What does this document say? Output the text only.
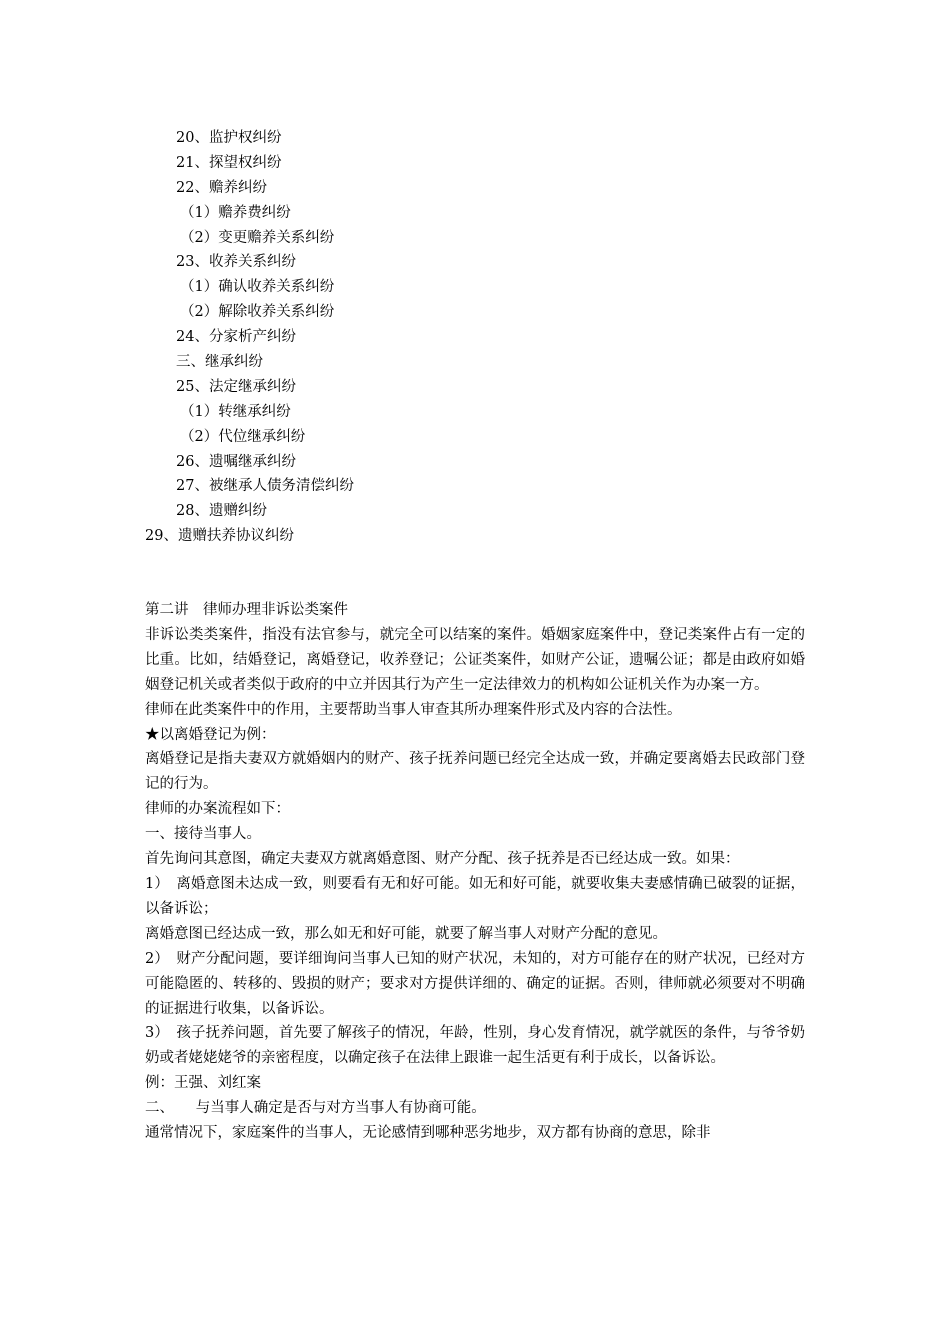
20、监护权纠纷
21、探望权纠纷
22、赡养纠纷
（1）赡养费纠纷
（2）变更赡养关系纠纷
23、收养关系纠纷
（1）确认收养关系纠纷
（2）解除收养关系纠纷
24、分家析产纠纷
三、继承纠纷
25、法定继承纠纷
（1）转继承纠纷
（2）代位继承纠纷
26、遗嘱继承纠纷
27、被继承人债务清偿纠纷
28、遗赠纠纷
29、遗赠扶养协议纠纷

第二讲　律师办理非诉讼类案件

非诉讼类类案件，指没有法官参与，就完全可以结案的案件。婚姻家庭案件中，登记类案件占有一定的比重。比如，结婚登记，离婚登记，收养登记；公证类案件，如财产公证，遗嘱公证；都是由政府如婚姻登记机关或者类似于政府的中立并因其行为产生一定法律效力的机构如公证机关作为办案一方。

律师在此类案件中的作用，主要帮助当事人审查其所办理案件形式及内容的合法性。

★以离婚登记为例：

离婚登记是指夫妻双方就婚姻内的财产、孩子抚养问题已经完全达成一致，并确定要离婚去民政部门登记的行为。

律师的办案流程如下：

一、接待当事人。

首先询问其意图，确定夫妻双方就离婚意图、财产分配、孩子抚养是否已经达成一致。如果：

1）　离婚意图未达成一致，则要看有无和好可能。如无和好可能，就要收集夫妻感情确已破裂的证据，以备诉讼；

离婚意图已经达成一致，那么如无和好可能，就要了解当事人对财产分配的意见。

2）　财产分配问题，要详细询问当事人已知的财产状况，未知的，对方可能存在的财产状况，已经对方可能隐匿的、转移的、毁损的财产；要求对方提供详细的、确定的证据。否则，律师就必须要对不明确的证据进行收集，以备诉讼。

3）　孩子抚养问题，首先要了解孩子的情况，年龄，性别，身心发育情况，就学就医的条件，与爷爷奶奶或者姥姥姥爷的亲密程度，以确定孩子在法律上跟谁一起生活更有利于成长，以备诉讼。

例：王强、刘红案

二、　　与当事人确定是否与对方当事人有协商可能。

通常情况下，家庭案件的当事人，无论感情到哪种恶劣地步，双方都有协商的意思，除非
